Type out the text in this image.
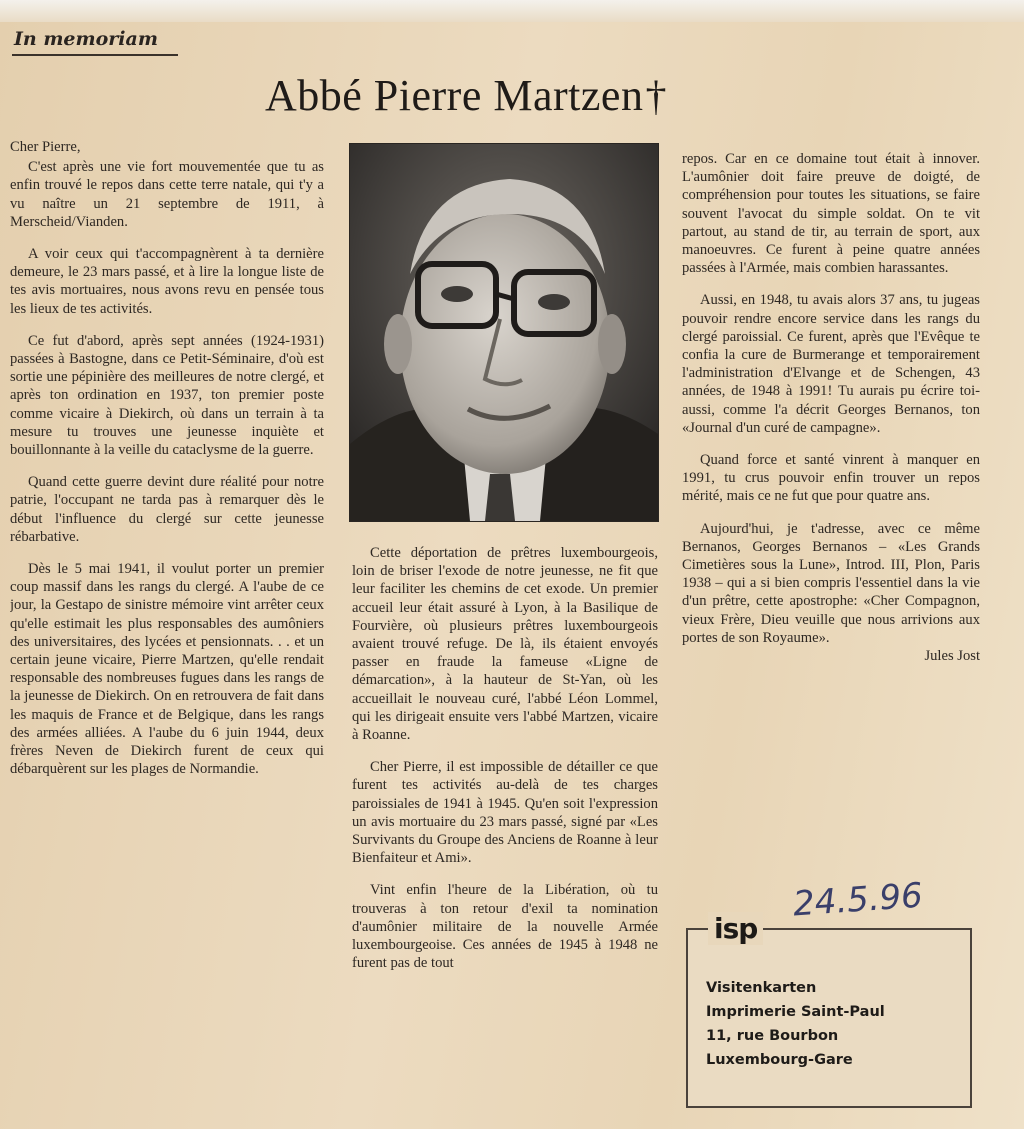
In memoriam
Abbé Pierre Martzen†

Cher Pierre,

C'est après une vie fort mouvementée que tu as enfin trouvé le repos dans cette terre natale, qui t'y a vu naître un 21 septembre de 1911, à Merscheid/Vianden.

A voir ceux qui t'accompagnèrent à ta dernière demeure, le 23 mars passé, et à lire la longue liste de tes avis mortuaires, nous avons revu en pensée tous les lieux de tes activités.

Ce fut d'abord, après sept années (1924-1931) passées à Bastogne, dans ce Petit-Séminaire, d'où est sortie une pépinière des meilleures de notre clergé, et après ton ordination en 1937, ton premier poste comme vicaire à Diekirch, où dans un terrain à ta mesure tu trouves une jeunesse inquiète et bouillonnante à la veille du cataclysme de la guerre.

Quand cette guerre devint dure réalité pour notre patrie, l'occupant ne tarda pas à remarquer dès le début l'influence du clergé sur cette jeunesse rébarbative.

Dès le 5 mai 1941, il voulut porter un premier coup massif dans les rangs du clergé. A l'aube de ce jour, la Gestapo de sinistre mémoire vint arrêter ceux qu'elle estimait les plus responsables des aumôniers des universitaires, des lycées et pensionnats. . . et un certain jeune vicaire, Pierre Martzen, qu'elle rendait responsable des nombreuses fugues dans les rangs de la jeunesse de Diekirch. On en retrouvera de fait dans les maquis de France et de Belgique, dans les rangs des armées alliées. A l'aube du 6 juin 1944, deux frères Neven de Diekirch furent de ceux qui débarquèrent sur les plages de Normandie.

Cette déportation de prêtres luxembourgeois, loin de briser l'exode de notre jeunesse, ne fit que leur faciliter les chemins de cet exode. Un premier accueil leur était assuré à Lyon, à la Basilique de Fourvière, où plusieurs prêtres luxembourgeois avaient trouvé refuge. De là, ils étaient envoyés passer en fraude la fameuse «Ligne de démarcation», à la hauteur de St-Yan, où les accueillait le nouveau curé, l'abbé Léon Lommel, qui les dirigeait ensuite vers l'abbé Martzen, vicaire à Roanne.

Cher Pierre, il est impossible de détailler ce que furent tes activités au-delà de tes charges paroissiales de 1941 à 1945. Qu'en soit l'expression un avis mortuaire du 23 mars passé, signé par «Les Survivants du Groupe des Anciens de Roanne à leur Bienfaiteur et Ami».

Vint enfin l'heure de la Libération, où tu trouveras à ton retour d'exil ta nomination d'aumônier militaire de la nouvelle Armée luxembourgeoise. Ces années de 1945 à 1948 ne furent pas de tout

repos. Car en ce domaine tout était à innover. L'aumônier doit faire preuve de doigté, de compréhension pour toutes les situations, se faire souvent l'avocat du simple soldat. On te vit partout, au stand de tir, au terrain de sport, aux manoeuvres. Ce furent à peine quatre années passées à l'Armée, mais combien harassantes.

Aussi, en 1948, tu avais alors 37 ans, tu jugeas pouvoir rendre encore service dans les rangs du clergé paroissial. Ce furent, après que l'Evêque te confia la cure de Burmerange et temporairement l'administration d'Elvange et de Schengen, 43 années, de 1948 à 1991! Tu aurais pu écrire toi-aussi, comme l'a décrit Georges Bernanos, ton «Journal d'un curé de campagne».

Quand force et santé vinrent à manquer en 1991, tu crus pouvoir enfin trouver un repos mérité, mais ce ne fut que pour quatre ans.

Aujourd'hui, je t'adresse, avec ce même Bernanos, Georges Bernanos – «Les Grands Cimetières sous la Lune», Introd. III, Plon, Paris 1938 – qui a si bien compris l'essentiel dans la vie d'un prêtre, cette apostrophe: «Cher Compagnon, vieux Frère, Dieu veuille que nous arrivions aux portes de son Royaume».

Jules Jost
24.5.96
isp
Visitenkarten
Imprimerie Saint-Paul
11, rue Bourbon
Luxembourg-Gare
